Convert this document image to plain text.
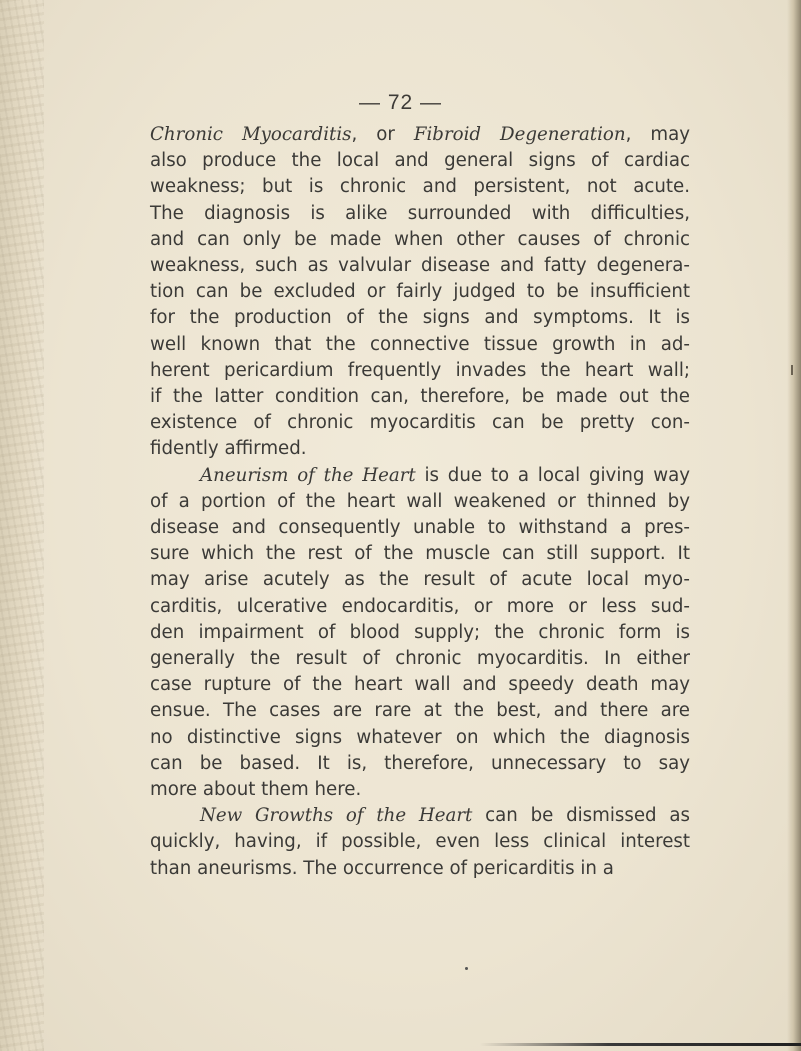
— 72 —
Chronic Myocarditis, or Fibroid Degeneration, may
also produce the local and general signs of cardiac
weakness; but is chronic and persistent, not acute.
The diagnosis is alike surrounded with difficulties,
and can only be made when other causes of chronic
weakness, such as valvular disease and fatty degenera-
tion can be excluded or fairly judged to be insufficient
for the production of the signs and symptoms. It is
well known that the connective tissue growth in ad-
herent pericardium frequently invades the heart wall;
if the latter condition can, therefore, be made out the
existence of chronic myocarditis can be pretty con-
fidently affirmed.
Aneurism of the Heart is due to a local giving way
of a portion of the heart wall weakened or thinned by
disease and consequently unable to withstand a pres-
sure which the rest of the muscle can still support. It
may arise acutely as the result of acute local myo-
carditis, ulcerative endocarditis, or more or less sud-
den impairment of blood supply; the chronic form is
generally the result of chronic myocarditis. In either
case rupture of the heart wall and speedy death may
ensue. The cases are rare at the best, and there are
no distinctive signs whatever on which the diagnosis
can be based. It is, therefore, unnecessary to say
more about them here.
New Growths of the Heart can be dismissed as
quickly, having, if possible, even less clinical interest
than aneurisms. The occurrence of pericarditis in a
